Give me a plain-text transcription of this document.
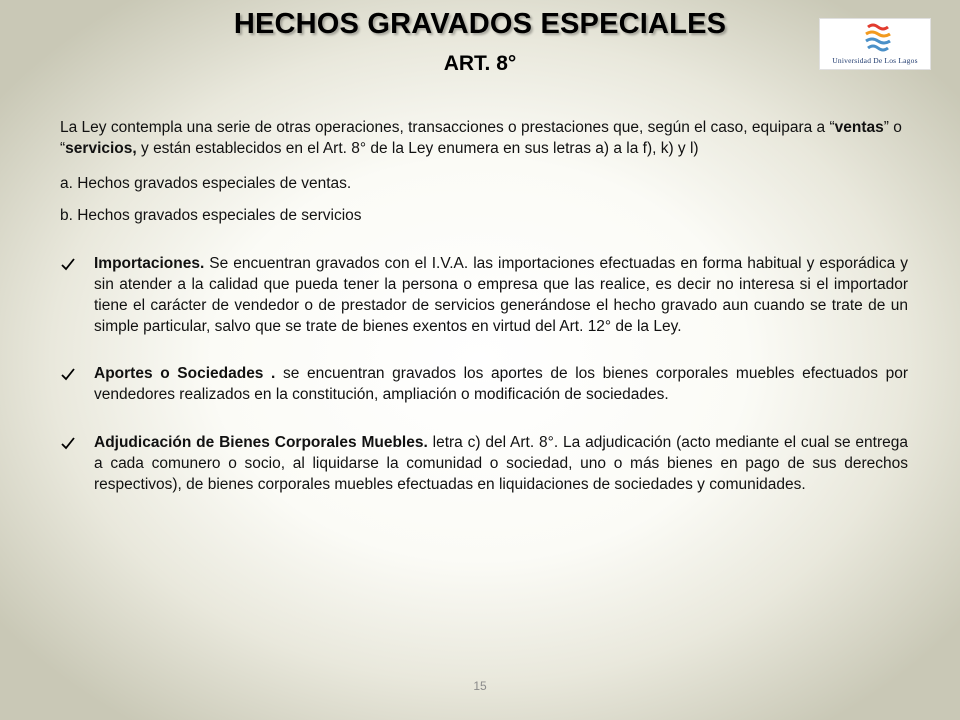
HECHOS GRAVADOS ESPECIALES
ART. 8°	Universidad De Los Lagos

La Ley contempla una serie de otras operaciones, transacciones o prestaciones que, según el caso, equipara a “ventas” o “servicios, y están establecidos en el Art. 8° de la Ley enumera en sus letras a) a la f), k) y l)

a. Hechos gravados especiales de ventas.

b. Hechos gravados especiales de servicios

Importaciones. Se encuentran gravados con el I.V.A. las importaciones efectuadas en forma habitual y esporádica y sin atender a la calidad que pueda tener la persona o empresa que las realice, es decir no interesa si el importador tiene el carácter de vendedor o de prestador de servicios generándose el hecho gravado aun cuando se trate de un simple particular, salvo que se trate de bienes exentos en virtud del Art. 12° de la Ley.
Aportes o Sociedades . se encuentran gravados los aportes de los bienes corporales muebles efectuados por vendedores realizados en la constitución, ampliación o modificación de sociedades.
Adjudicación de Bienes Corporales Muebles. letra c) del Art. 8°. La adjudicación (acto mediante el cual se entrega a cada comunero o socio, al liquidarse la comunidad o sociedad, uno o más bienes en pago de sus derechos respectivos), de bienes corporales muebles efectuadas en liquidaciones de sociedades y comunidades.
15
